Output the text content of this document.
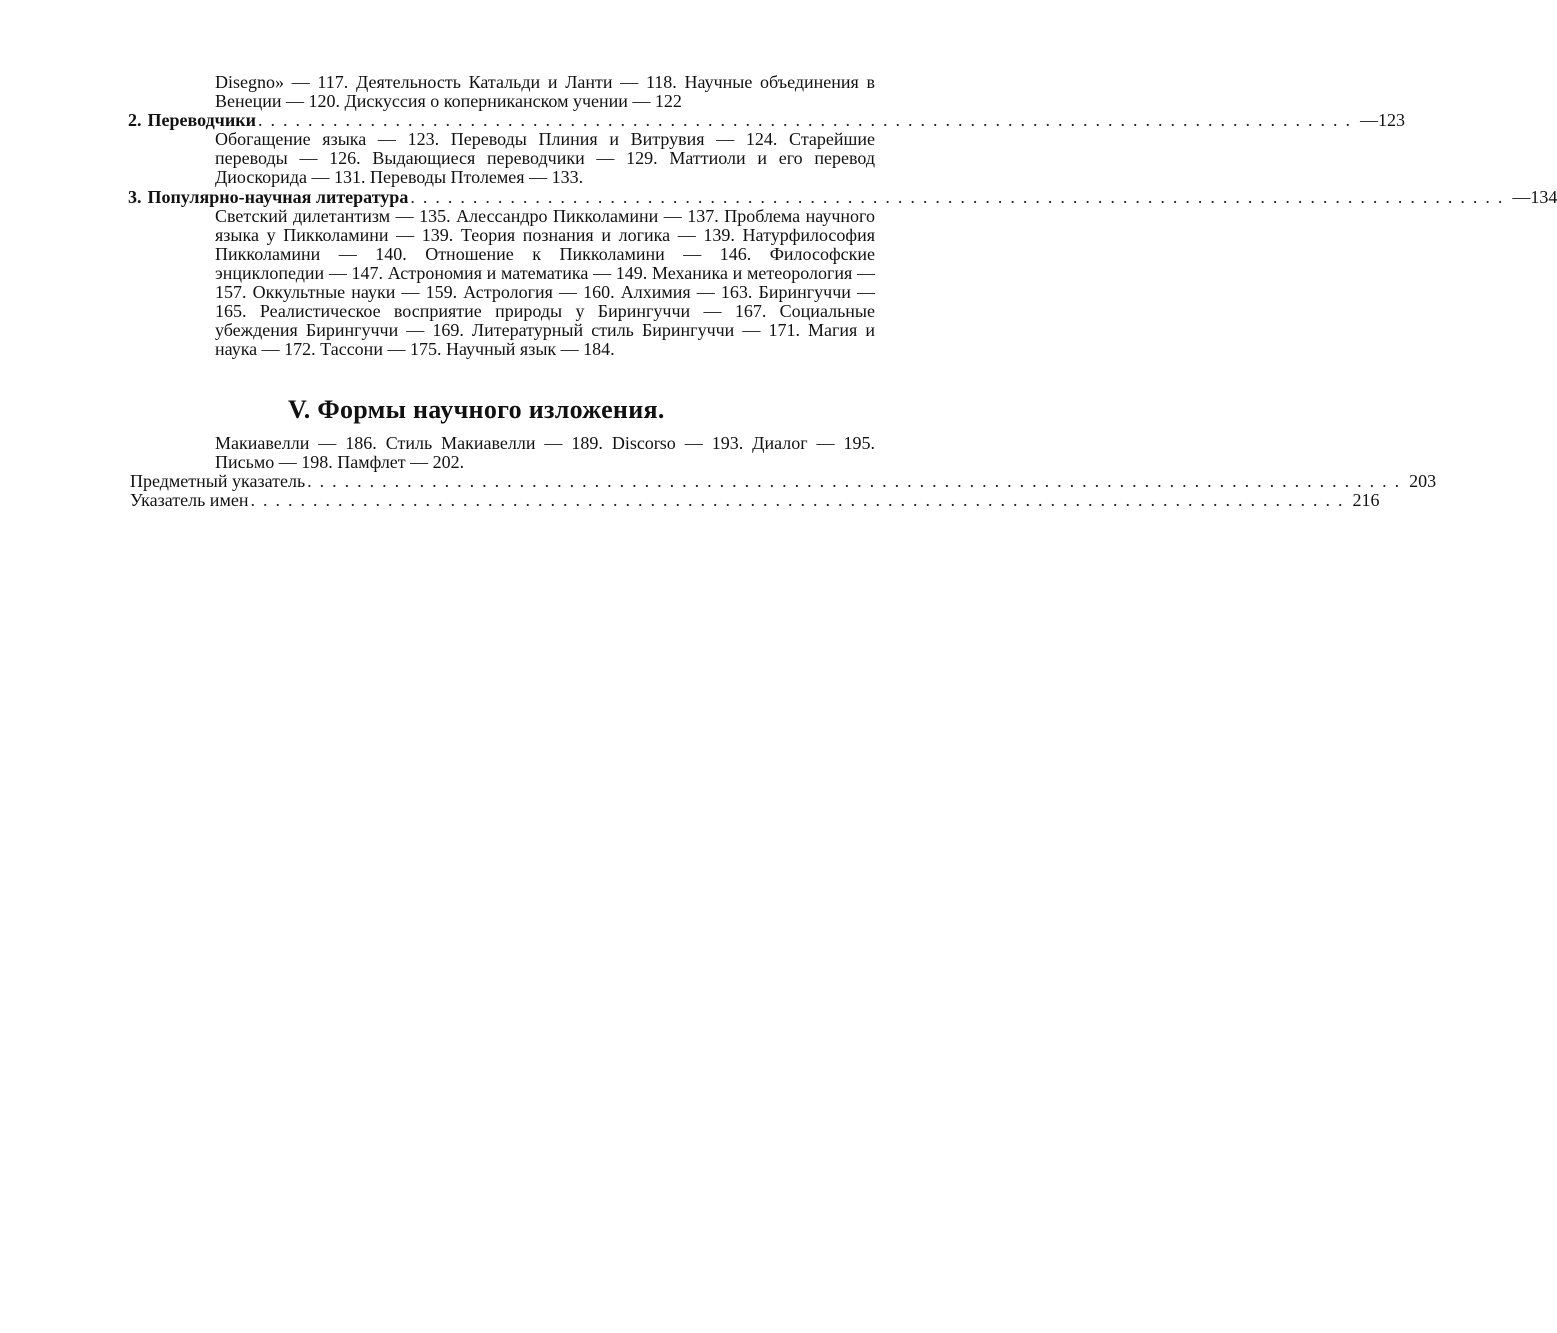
Disegno» — 117. Деятельность Катальди и Ланти — 118. Научные объединения в Венеции — 120. Дискуссия о коперниканском учении — 122
2. Переводчики ........................................................................................ —123
Обогащение языка — 123. Переводы Плиния и Витрувия — 124. Старейшие переводы — 126. Выдающиеся переводчики — 129. Маттиоли и его перевод Диоскорида — 131. Переводы Птолемея — 133.
3. Популярно-научная литература ........................................................................................ —134
Светский дилетантизм — 135. Алессандро Пикколамини — 137. Проблема научного языка у Пикколамини — 139. Теория познания и логика — 139. Натурфилософия Пикколамини — 140. Отношение к Пикколамини — 146. Философские энциклопедии — 147. Астрономия и математика — 149. Механика и метеорология — 157. Оккультные науки — 159. Астрология — 160. Алхимия — 163. Бирингуччи — 165. Реалистическое восприятие природы у Бирингуччи — 167. Социальные убеждения Бирингуччи — 169. Литературный стиль Бирингуччи — 171. Магия и наука — 172. Тассони — 175. Научный язык — 184.
V. Формы научного изложения.
Макиавелли — 186. Стиль Макиавелли — 189. Discorso — 193. Диалог — 195. Письмо — 198. Памфлет — 202.
Предметный указатель ........................................................................................ 203
Указатель имен ........................................................................................ 216
